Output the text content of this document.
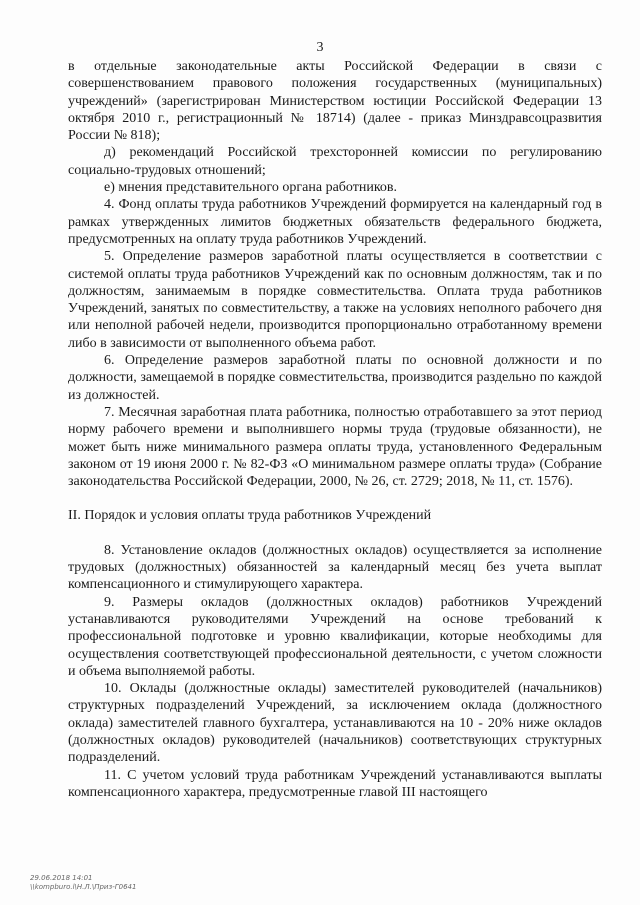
3

в отдельные законодательные акты Российской Федерации в связи с совершенствованием правового положения государственных (муниципальных) учреждений» (зарегистрирован Министерством юстиции Российской Федерации 13 октября 2010 г., регистрационный № 18714) (далее - приказ Минздравсоцразвития России № 818);

д) рекомендаций Российской трехсторонней комиссии по регулированию социально-трудовых отношений;

е) мнения представительного органа работников.

4. Фонд оплаты труда работников Учреждений формируется на календарный год в рамках утвержденных лимитов бюджетных обязательств федерального бюджета, предусмотренных на оплату труда работников Учреждений.

5. Определение размеров заработной платы осуществляется в соответствии с системой оплаты труда работников Учреждений как по основным должностям, так и по должностям, занимаемым в порядке совместительства. Оплата труда работников Учреждений, занятых по совместительству, а также на условиях неполного рабочего дня или неполной рабочей недели, производится пропорционально отработанному времени либо в зависимости от выполненного объема работ.

6. Определение размеров заработной платы по основной должности и по должности, замещаемой в порядке совместительства, производится раздельно по каждой из должностей.

7. Месячная заработная плата работника, полностью отработавшего за этот период норму рабочего времени и выполнившего нормы труда (трудовые обязанности), не может быть ниже минимального размера оплаты труда, установленного Федеральным законом от 19 июня 2000 г. № 82-ФЗ «О минимальном размере оплаты труда» (Собрание законодательства Российской Федерации, 2000, № 26, ст. 2729; 2018, № 11, ст. 1576).

II. Порядок и условия оплаты труда работников Учреждений

8. Установление окладов (должностных окладов) осуществляется за исполнение трудовых (должностных) обязанностей за календарный месяц без учета выплат компенсационного и стимулирующего характера.

9. Размеры окладов (должностных окладов) работников Учреждений устанавливаются руководителями Учреждений на основе требований к профессиональной подготовке и уровню квалификации, которые необходимы для осуществления соответствующей профессиональной деятельности, с учетом сложности и объема выполняемой работы.

10. Оклады (должностные оклады) заместителей руководителей (начальников) структурных подразделений Учреждений, за исключением оклада (должностного оклада) заместителей главного бухгалтера, устанавливаются на 10 - 20% ниже окладов (должностных окладов) руководителей (начальников) соответствующих структурных подразделений.

11. С учетом условий труда работникам Учреждений устанавливаются выплаты компенсационного характера, предусмотренные главой III настоящего

29.06.2018 14:01
\\kompburo.l\Н.Л.\Приз-Г0641
